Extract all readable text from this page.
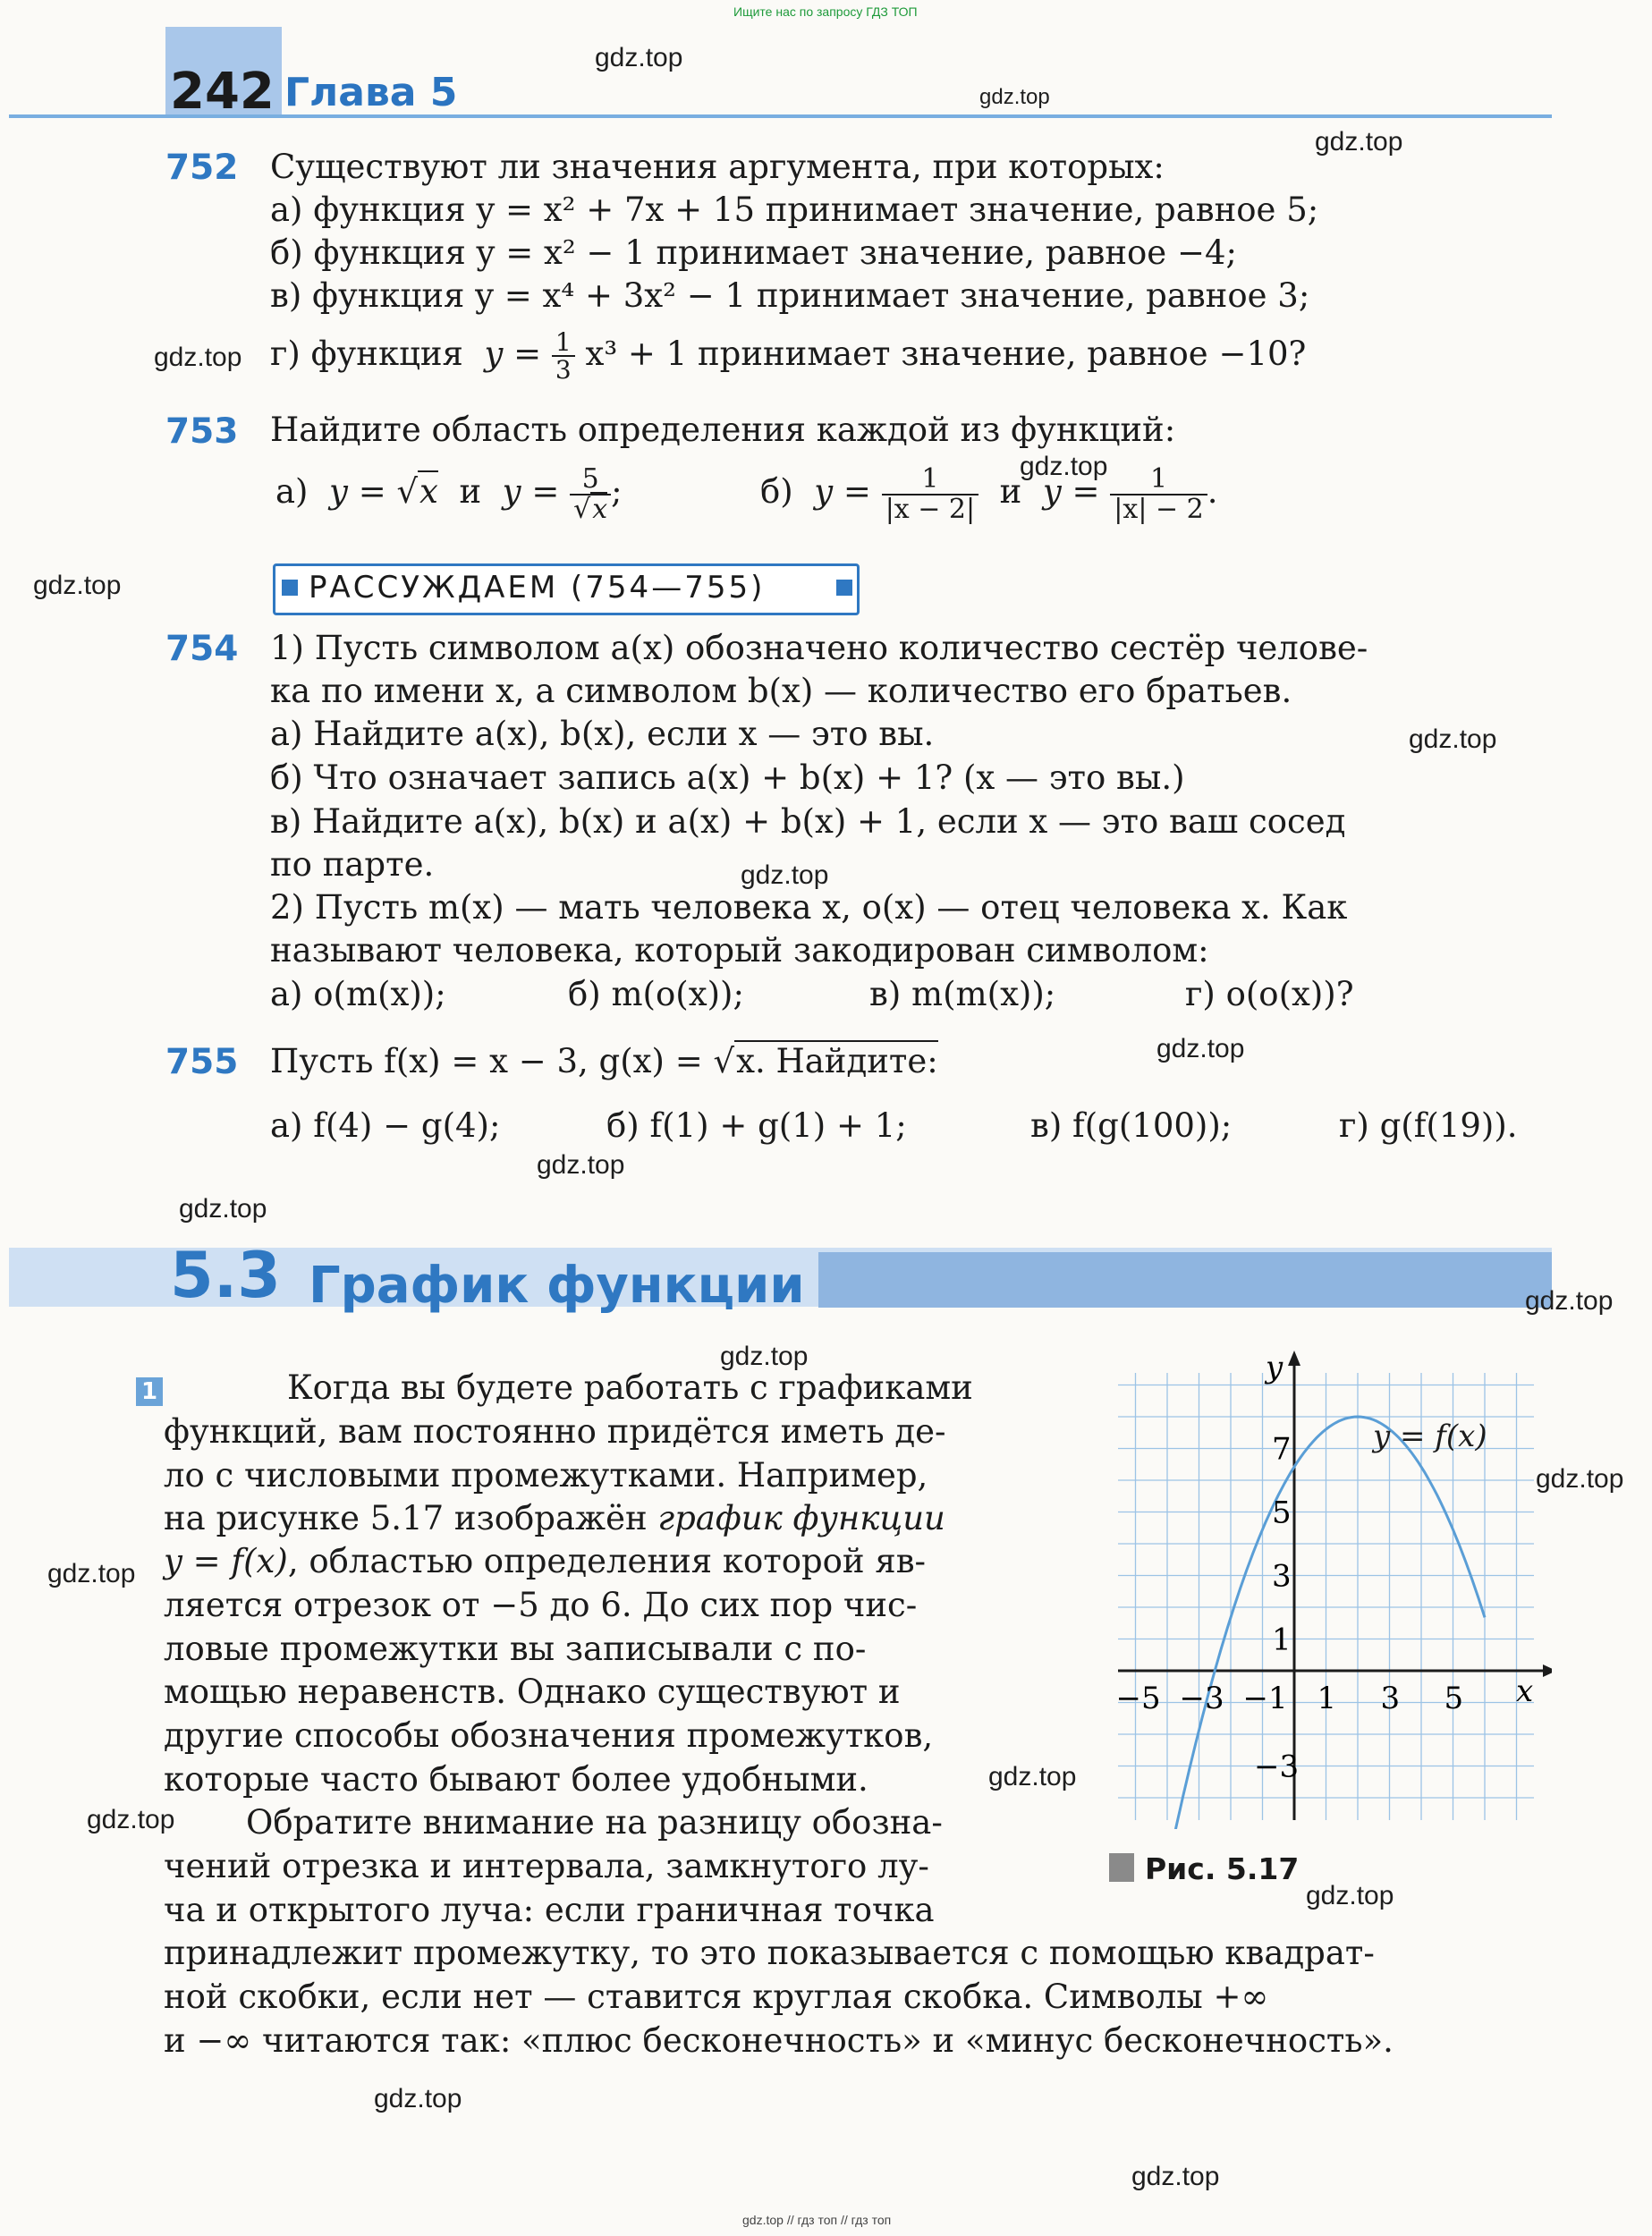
Ищите нас по запросу ГДЗ ТОП
gdz.top // гдз топ // гдз топ
242 Глава 5
752 Существуют ли значения аргумента, при которых:
а) функция y = x² + 7x + 15 принимает значение, равное 5;
б) функция y = x² − 1 принимает значение, равное −4;
в) функция y = x⁴ + 3x² − 1 принимает значение, равное 3;
г) функция $y = \frac{1}{3} x^3 + 1$ принимает значение, равное −10?
753 Найдите область определения каждой из функций:
а) y = √x и $y = \frac{5}{√x}$ ;	б) $y = \frac{1}{|x - 2|}$ и $y = \frac{1}{|x| - 2}$ .
РАССУЖДАЕМ (754—755)
754 1) Пусть символом a(x) обозначено количество сестёр челове-
ка по имени x, а символом b(x) — количество его братьев.
а) Найдите a(x), b(x), если x — это вы.
б) Что означает запись a(x) + b(x) + 1? (x — это вы.)
в) Найдите a(x), b(x) и a(x) + b(x) + 1, если x — это ваш сосед
по парте.
2) Пусть m(x) — мать человека x, o(x) — отец человека x. Как
называют человека, который закодирован символом:
а) o(m(x));	б) m(o(x));	в) m(m(x));	г) o(o(x))?
755 Пусть f(x) = x − 3, g(x) = √x. Найдите:
а) f(4) − g(4);	б) f(1) + g(1) + 1;	в) f(g(100));	г) g(f(19)).
5.3 График функции
1	Когда вы будете работать с графиками
функций, вам постоянно придётся иметь де-
ло с числовыми промежутками. Например,
на рисунке 5.17 изображён график функции
y = f(x), областью определения которой яв-
ляется отрезок от −5 до 6. До сих пор чис-
ловые промежутки вы записывали с по-
мощью неравенств. Однако существуют и
другие способы обозначения промежутков,
которые часто бывают более удобными.
Обратите внимание на разницу обозна-
чений отрезка и интервала, замкнутого лу-
ча и открытого луча: если граничная точка
принадлежит промежутку, то это показывается с помощью квадрат-
ной скобки, если нет — ставится круглая скобка. Символы +∞
и −∞ читаются так: «плюс бесконечность» и «минус бесконечность».
−5 −3 −1 1 3 5
7
5
3
1
−3
x
y
y = f(x)
Рис. 5.17
gdz.top
gdz.top
gdz.top
gdz.top
gdz.top
gdz.top
gdz.top
gdz.top
gdz.top
gdz.top
gdz.top
gdz.top
gdz.top
gdz.top
gdz.top
gdz.top
gdz.top
gdz.top
gdz.top
gdz.top
